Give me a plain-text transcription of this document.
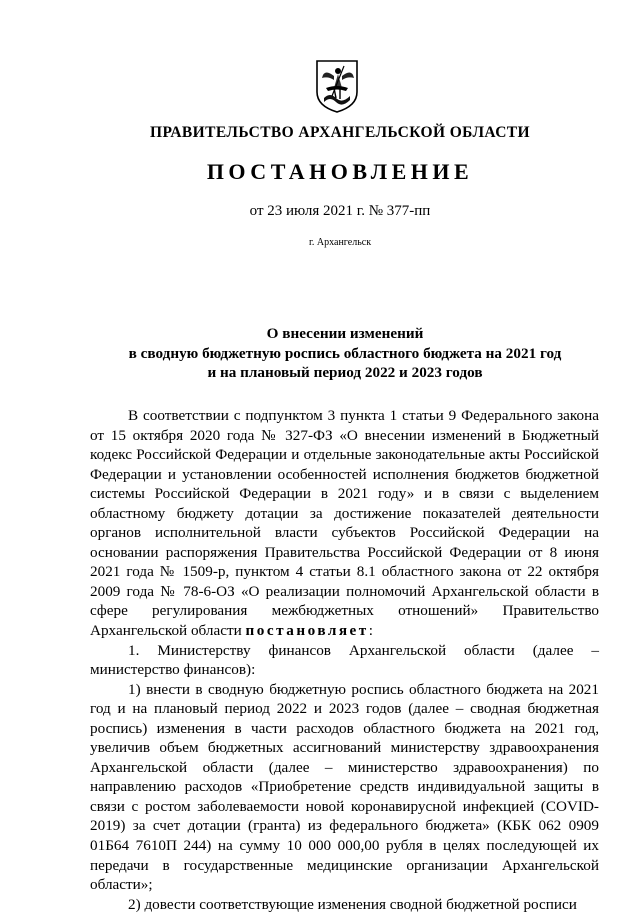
ПРАВИТЕЛЬСТВО АРХАНГЕЛЬСКОЙ ОБЛАСТИ
ПОСТАНОВЛЕНИЕ
от 23 июля 2021 г. № 377-пп
г. Архангельск
О внесении изменений
в сводную бюджетную роспись областного бюджета на 2021 год
и на плановый период 2022 и 2023 годов

В соответствии с подпунктом 3 пункта 1 статьи 9 Федерального закона от 15 октября 2020 года № 327-ФЗ «О внесении изменений в Бюджетный кодекс Российской Федерации и отдельные законодательные акты Российской Федерации и установлении особенностей исполнения бюджетов бюджетной системы Российской Федерации в 2021 году» и в связи с выделением областному бюджету дотации за достижение показателей деятельности органов исполнительной власти субъектов Российской Федерации на основании распоряжения Правительства Российской Федерации от 8 июня 2021 года № 1509-р, пунктом 4 статьи 8.1 областного закона от 22 октября 2009 года № 78-6-ОЗ «О реализации полномочий Архангельской области в сфере регулирования межбюджетных отношений» Правительство Архангельской области постановляет:

1. Министерству финансов Архангельской области (далее – министерство финансов):

1) внести в сводную бюджетную роспись областного бюджета на 2021 год и на плановый период 2022 и 2023 годов (далее – сводная бюджетная роспись) изменения в части расходов областного бюджета на 2021 год, увеличив объем бюджетных ассигнований министерству здравоохранения Архангельской области (далее – министерство здравоохранения) по направлению расходов «Приобретение средств индивидуальной защиты в связи с ростом заболеваемости новой коронавирусной инфекцией (COVID-2019) за счет дотации (гранта) из федерального бюджета» (КБК 062 0909 01Б64 7610П 244) на сумму 10 000 000,00 рубля в целях последующей их передачи в государственные медицинские организации Архангельской области»;

2) довести соответствующие изменения сводной бюджетной росписи
